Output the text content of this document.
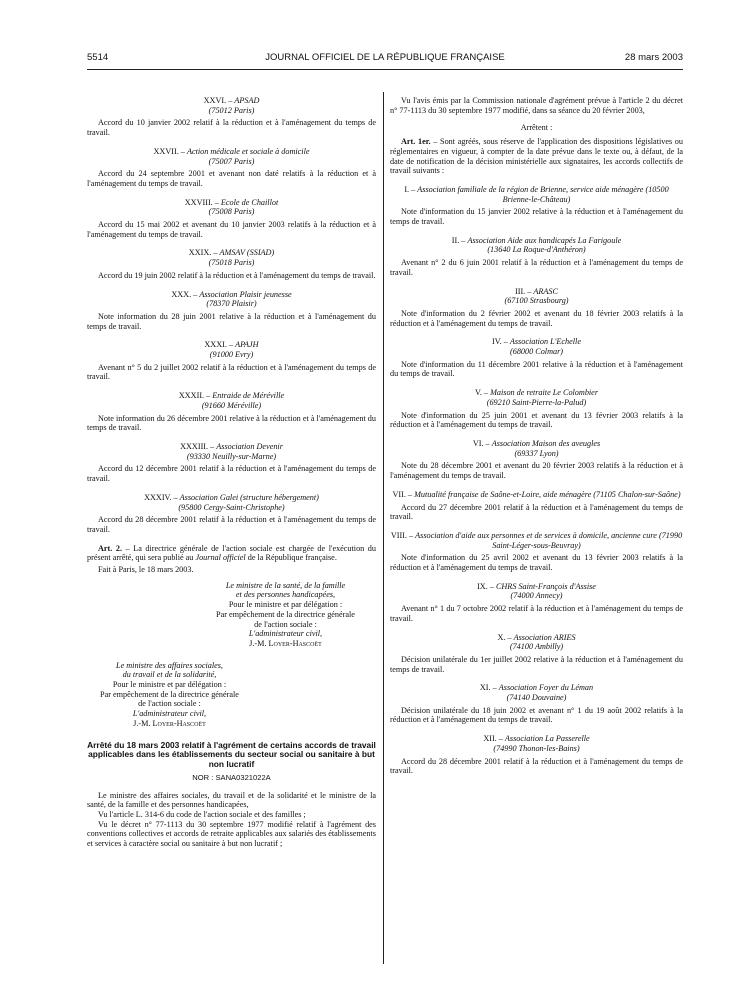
5514	JOURNAL OFFICIEL DE LA RÉPUBLIQUE FRANÇAISE	28 mars 2003
XXVI. – APSAD
(75012 Paris)
Accord du 10 janvier 2002 relatif à la réduction et à l'aménagement du temps de travail.
XXVII. – Action médicale et sociale à domicile
(75007 Paris)
Accord du 24 septembre 2001 et avenant non daté relatifs à la réduction et à l'aménagement du temps de travail.
XXVIII. – Ecole de Chaillot
(75008 Paris)
Accord du 15 mai 2002 et avenant du 10 janvier 2003 relatifs à la réduction et à l'aménagement du temps de travail.
XXIX. – AMSAV (SSIAD)
(75018 Paris)
Accord du 19 juin 2002 relatif à la réduction et à l'aménagement du temps de travail.
XXX. – Association Plaisir jeunesse
(78370 Plaisir)
Note information du 28 juin 2001 relative à la réduction et à l'aménagement du temps de travail.
XXXI. – APAJH
(91000 Evry)
Avenant n° 5 du 2 juillet 2002 relatif à la réduction et à l'aménagement du temps de travail.
XXXII. – Entraide de Méréville
(91660 Méréville)
Note information du 26 décembre 2001 relative à la réduction et à l'aménagement du temps de travail.
XXXIII. – Association Devenir
(93330 Neuilly-sur-Marne)
Accord du 12 décembre 2001 relatif à la réduction et à l'aménagement du temps de travail.
XXXIV. – Association Galei (structure hébergement)
(95800 Cergy-Saint-Christophe)
Accord du 28 décembre 2001 relatif à la réduction et à l'aménagement du temps de travail.

Art. 2. – La directrice générale de l'action sociale est chargée de l'exécution du présent arrêté, qui sera publié au Journal officiel de la République française.

Fait à Paris, le 18 mars 2003.

Le ministre de la santé, de la famille
et des personnes handicapées,
Pour le ministre et par délégation :
Par empêchement de la directrice générale
de l'action sociale :
L'administrateur civil,
J.-M. Loyer-Hascoët
Le ministre des affaires sociales,
du travail et de la solidarité,
Pour le ministre et par délégation :
Par empêchement de la directrice générale
de l'action sociale :
L'administrateur civil,
J.-M. Loyer-Hascoët
Arrêté du 18 mars 2003 relatif à l'agrément de certains accords de travail applicables dans les établissements du secteur social ou sanitaire à but non lucratif
NOR : SANA0321022A

Le ministre des affaires sociales, du travail et de la solidarité et le ministre de la santé, de la famille et des personnes handicapées,

Vu l'article L. 314-6 du code de l'action sociale et des familles ;

Vu le décret n° 77-1113 du 30 septembre 1977 modifié relatif à l'agrément des conventions collectives et accords de retraite applicables aux salariés des établissements et services à caractère social ou sanitaire à but non lucratif ;

Vu l'avis émis par la Commission nationale d'agrément prévue à l'article 2 du décret n° 77-1113 du 30 septembre 1977 modifié, dans sa séance du 20 février 2003,

Arrêtent :

Art. 1er. – Sont agréés, sous réserve de l'application des dispositions législatives ou réglementaires en vigueur, à compter de la date prévue dans le texte ou, à défaut, de la date de notification de la décision ministérielle aux signataires, les accords collectifs de travail suivants :

I. – Association familiale de la région de Brienne, service aide ménagère (10500 Brienne-le-Château)
Note d'information du 15 janvier 2002 relative à la réduction et à l'aménagement du temps de travail.
II. – Association Aide aux handicapés La Farigoule
(13640 La Roque-d'Anthéron)
Avenant n° 2 du 6 juin 2001 relatif à la réduction et à l'aménagement du temps de travail.
III. – ARASC
(67100 Strasbourg)
Note d'information du 2 février 2002 et avenant du 18 février 2003 relatifs à la réduction et à l'aménagement du temps de travail.
IV. – Association L'Echelle
(68000 Colmar)
Note d'information du 11 décembre 2001 relative à la réduction et à l'aménagement du temps de travail.
V. – Maison de retraite Le Colombier
(69210 Saint-Pierre-la-Palud)
Note d'information du 25 juin 2001 et avenant du 13 février 2003 relatifs à la réduction et à l'aménagement du temps de travail.
VI. – Association Maison des aveugles
(69337 Lyon)
Note du 28 décembre 2001 et avenant du 20 février 2003 relatifs à la réduction et à l'aménagement du temps de travail.
VII. – Mutualité française de Saône-et-Loire, aide ménagère (71105 Chalon-sur-Saône)
Accord du 27 décembre 2001 relatif à la réduction et à l'aménagement du temps de travail.
VIII. – Association d'aide aux personnes et de services à domicile, ancienne cure (71990 Saint-Léger-sous-Beuvray)
Note d'information du 25 avril 2002 et avenant du 13 février 2003 relatifs à la réduction et à l'aménagement du temps de travail.
IX. – CHRS Saint-François d'Assise
(74000 Annecy)
Avenant n° 1 du 7 octobre 2002 relatif à la réduction et à l'aménagement du temps de travail.
X. – Association ARIES
(74100 Ambilly)
Décision unilatérale du 1er juillet 2002 relative à la réduction et à l'aménagement du temps de travail.
XI. – Association Foyer du Léman
(74140 Douvaine)
Décision unilatérale du 18 juin 2002 et avenant n° 1 du 19 août 2002 relatifs à la réduction et à l'aménagement du temps de travail.
XII. – Association La Passerelle
(74990 Thonon-les-Bains)
Accord du 28 décembre 2001 relatif à la réduction et à l'aménagement du temps de travail.
